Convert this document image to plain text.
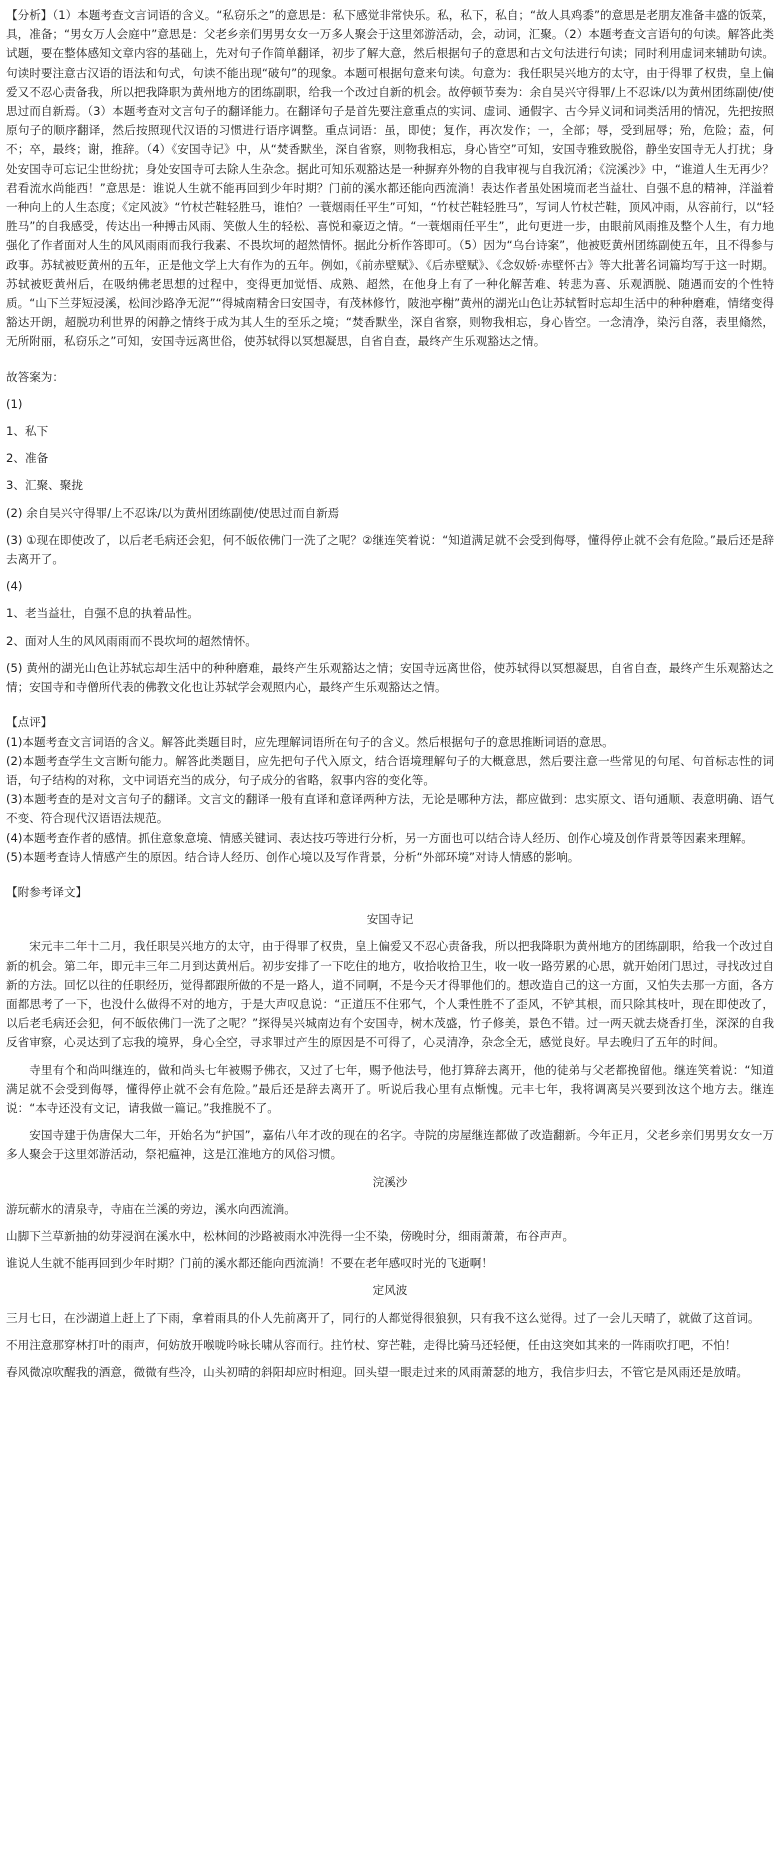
【分析】（1）本题考查文言词语的含义。“私窃乐之”的意思是：私下感觉非常快乐。私，私下，私自；“故人具鸡黍”的意思是老朋友准备丰盛的饭菜，具，准备；“男女万人会庭中”意思是：父老乡亲们男男女女一万多人聚会于这里郊游活动，会，动词，汇聚。（2）本题考查文言语句的句读。解答此类试题，要在整体感知文章内容的基础上，先对句子作简单翻译，初步了解大意，然后根据句子的意思和古文句法进行句读；同时利用虚词来辅助句读。句读时要注意古汉语的语法和句式，句读不能出现“破句”的现象。本题可根据句意来句读。句意为：我任职吴兴地方的太守，由于得罪了权贵，皇上偏爱又不忍心责备我，所以把我降职为黄州地方的团练副职，给我一个改过自新的机会。故停顿节奏为：余自吴兴守得罪/上不忍诛/以为黄州团练副使/使思过而自新焉。（3）本题考查对文言句子的翻译能力。在翻译句子是首先要注意重点的实词、虚词、通假字、古今异义词和词类活用的情况，先把按照原句子的顺序翻译，然后按照现代汉语的习惯进行语序调整。重点词语：虽，即使；复作，再次发作；一，全部；辱，受到屈辱；殆，危险；盍，何不；卒，最终；谢，推辞。（4）《安国寺记》中，从“焚香默坐，深自省察，则物我相忘，身心皆空”可知，安国寺雅致脱俗，静坐安国寺无人打扰；身处安国寺可忘记尘世纷扰；身处安国寺可去除人生杂念。据此可知乐观豁达是一种摒弃外物的自我审视与自我沉淆；《浣溪沙》中，“谁道人生无再少？君看流水尚能西！”意思是：谁说人生就不能再回到少年时期？门前的溪水都还能向西流淌！表达作者虽处困境而老当益壮、自强不息的精神，洋溢着一种向上的人生态度；《定风波》“竹杖芒鞋轻胜马，谁怕？一蓑烟雨任平生”可知，“竹杖芒鞋轻胜马”，写词人竹杖芒鞋，顶风冲雨，从容前行，以“轻胜马”的自我感受，传达出一种搏击风雨、笑傲人生的轻松、喜悦和豪迈之情。“一蓑烟雨任平生”，此句更进一步，由眼前风雨推及整个人生，有力地强化了作者面对人生的风风雨雨而我行我素、不畏坎坷的超然情怀。据此分析作答即可。（5）因为“乌台诗案”，他被贬黄州团练副使五年，且不得参与政事。苏轼被贬黄州的五年，正是他文学上大有作为的五年。例如，《前赤壁赋》、《后赤壁赋》、《念奴娇·赤壁怀古》等大批著名词篇均写于这一时期。苏轼被贬黄州后，在吸纳佛老思想的过程中，变得更加觉悟、成熟、超然，在他身上有了一种化解苦难、转悲为喜、乐观洒脱、随遇而安的个性特质。“山下兰芽短浸溪，松间沙路净无泥”“得城南精舍曰安国寺，有茂林修竹，陂池亭榭”黄州的湖光山色让苏轼暂时忘却生活中的种种磨难，情绪变得豁达开朗，超脱功利世界的闲静之情终于成为其人生的至乐之境；“焚香默坐，深自省察，则物我相忘，身心皆空。一念清净，染污自落，表里翛然，无所附丽，私窃乐之”可知，安国寺远离世俗，使苏轼得以冥想凝思，自省自查，最终产生乐观豁达之情。

故答案为：

(1)

1、私下

2、准备

3、汇聚、聚拢

(2) 余自吴兴守得罪/上不忍诛/以为黄州团练副使/使思过而自新焉

(3) ①现在即使改了，以后老毛病还会犯，何不皈依佛门一洗了之呢？②继连笑着说：“知道满足就不会受到侮辱，懂得停止就不会有危险。”最后还是辞去离开了。

(4)

1、老当益壮，自强不息的执着品性。

2、面对人生的风风雨雨而不畏坎坷的超然情怀。

(5) 黄州的湖光山色让苏轼忘却生活中的种种磨难，最终产生乐观豁达之情；安国寺远离世俗，使苏轼得以冥想凝思，自省自查，最终产生乐观豁达之情；安国寺和寺僧所代表的佛教文化也让苏轼学会观照内心，最终产生乐观豁达之情。

【点评】

(1)本题考查文言词语的含义。解答此类题目时，应先理解词语所在句子的含义。然后根据句子的意思推断词语的意思。

(2)本题考查学生文言断句能力。解答此类题目，应先把句子代入原文，结合语境理解句子的大概意思，然后要注意一些常见的句尾、句首标志性的词语，句子结构的对称，文中词语充当的成分，句子成分的省略，叙事内容的变化等。

(3)本题考查的是对文言句子的翻译。文言文的翻译一般有直译和意译两种方法，无论是哪种方法，都应做到：忠实原文、语句通顺、表意明确、语气不变、符合现代汉语语法规范。

(4)本题考查作者的感情。抓住意象意境、情感关键词、表达技巧等进行分析，另一方面也可以结合诗人经历、创作心境及创作背景等因素来理解。

(5)本题考查诗人情感产生的原因。结合诗人经历、创作心境以及写作背景，分析“外部环境”对诗人情感的影响。

【附参考译文】

安国寺记

宋元丰二年十二月，我任职吴兴地方的太守，由于得罪了权贵，皇上偏爱又不忍心责备我，所以把我降职为黄州地方的团练副职，给我一个改过自新的机会。第二年，即元丰三年二月到达黄州后。初步安排了一下吃住的地方，收拾收拾卫生，收一收一路劳累的心思，就开始闭门思过，寻找改过自新的方法。回忆以往的任职经历，觉得都跟所做的不是一路人，道不同啊，不是今天才得罪他们的。想改造自己的这一方面，又怕失去那一方面，各方面都思考了一下，也没什么做得不对的地方，于是大声叹息说：“正道压不住邪气，个人秉性胜不了歪风，不铲其根，而只除其枝叶，现在即使改了，以后老毛病还会犯，何不皈依佛门一洗了之呢？”探得吴兴城南边有个安国寺，树木茂盛，竹子修美，景色不错。过一两天就去烧香打坐，深深的自我反省审察，心灵达到了忘我的境界，身心全空，寻求罪过产生的原因是不可得了，心灵清净，杂念全无，感觉良好。早去晚归了五年的时间。

寺里有个和尚叫继连的，做和尚头七年被赐予佛衣，又过了七年，赐予他法号，他打算辞去离开，他的徒弟与父老都挽留他。继连笑着说：“知道满足就不会受到侮辱，懂得停止就不会有危险。”最后还是辞去离开了。听说后我心里有点惭愧。元丰七年，我将调离吴兴要到汝这个地方去。继连说：“本寺还没有文记，请我做一篇记。”我推脱不了。

安国寺建于伪唐保大二年，开始名为“护国”，嘉佑八年才改的现在的名字。寺院的房屋继连都做了改造翻新。今年正月，父老乡亲们男男女女一万多人聚会于这里郊游活动，祭祀瘟神，这是江淮地方的风俗习惯。

浣溪沙

游玩蕲水的清泉寺，寺庙在兰溪的旁边，溪水向西流淌。

山脚下兰草新抽的幼芽浸润在溪水中，松林间的沙路被雨水冲洗得一尘不染，傍晚时分，细雨萧萧，布谷声声。

谁说人生就不能再回到少年时期？门前的溪水都还能向西流淌！不要在老年感叹时光的飞逝啊！

定风波

三月七日，在沙湖道上赶上了下雨，拿着雨具的仆人先前离开了，同行的人都觉得很狼狈，只有我不这么觉得。过了一会儿天晴了，就做了这首词。

不用注意那穿林打叶的雨声，何妨放开喉咙吟咏长啸从容而行。拄竹杖、穿芒鞋，走得比骑马还轻便，任由这突如其来的一阵雨吹打吧，不怕！

春风微凉吹醒我的酒意，微微有些冷，山头初晴的斜阳却应时相迎。回头望一眼走过来的风雨萧瑟的地方，我信步归去，不管它是风雨还是放晴。
